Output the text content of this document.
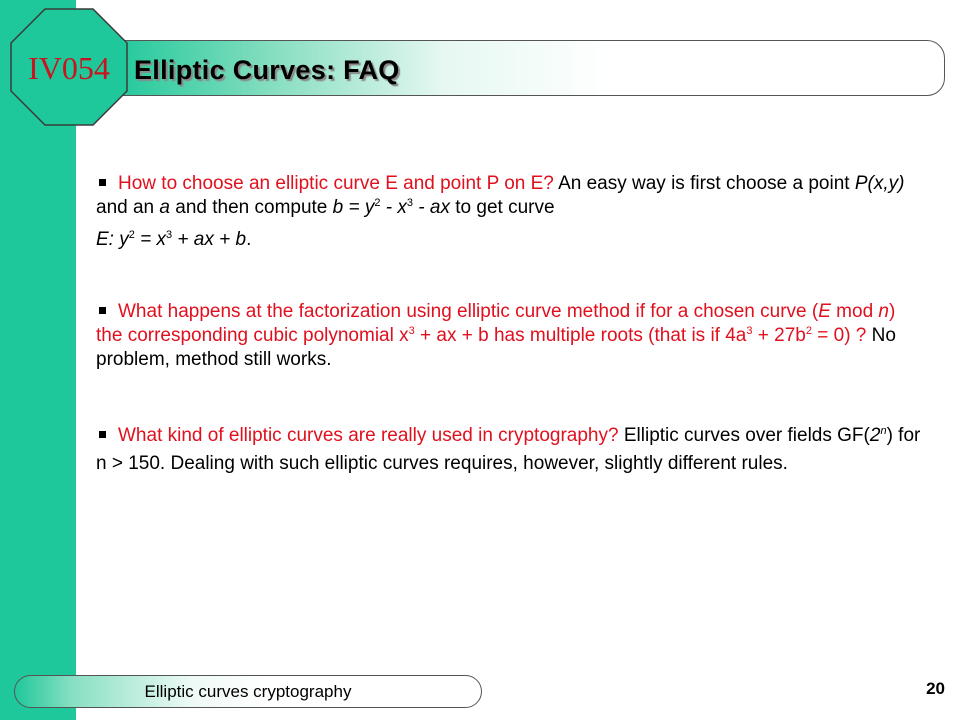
IV054 Elliptic Curves: FAQ

How to choose an elliptic curve E and point P on E? An easy way is first choose a point P(x,y) and an a and then compute $b = y^2 - x^3$ - ax to get curve

E: $y^2 = x^3$ + ax + b.

What happens at the factorization using elliptic curve method if for a chosen curve (E mod n) the corresponding cubic polynomial $x^3$ + ax + b has multiple roots (that is if $4a^3 + 27b^2 = 0$) ? No problem, method still works.

What kind of elliptic curves are really used in cryptography? Elliptic curves over fields GF(2$^n$) for n > 150. Dealing with such elliptic curves requires, however, slightly different rules.

Elliptic curves cryptography	20
